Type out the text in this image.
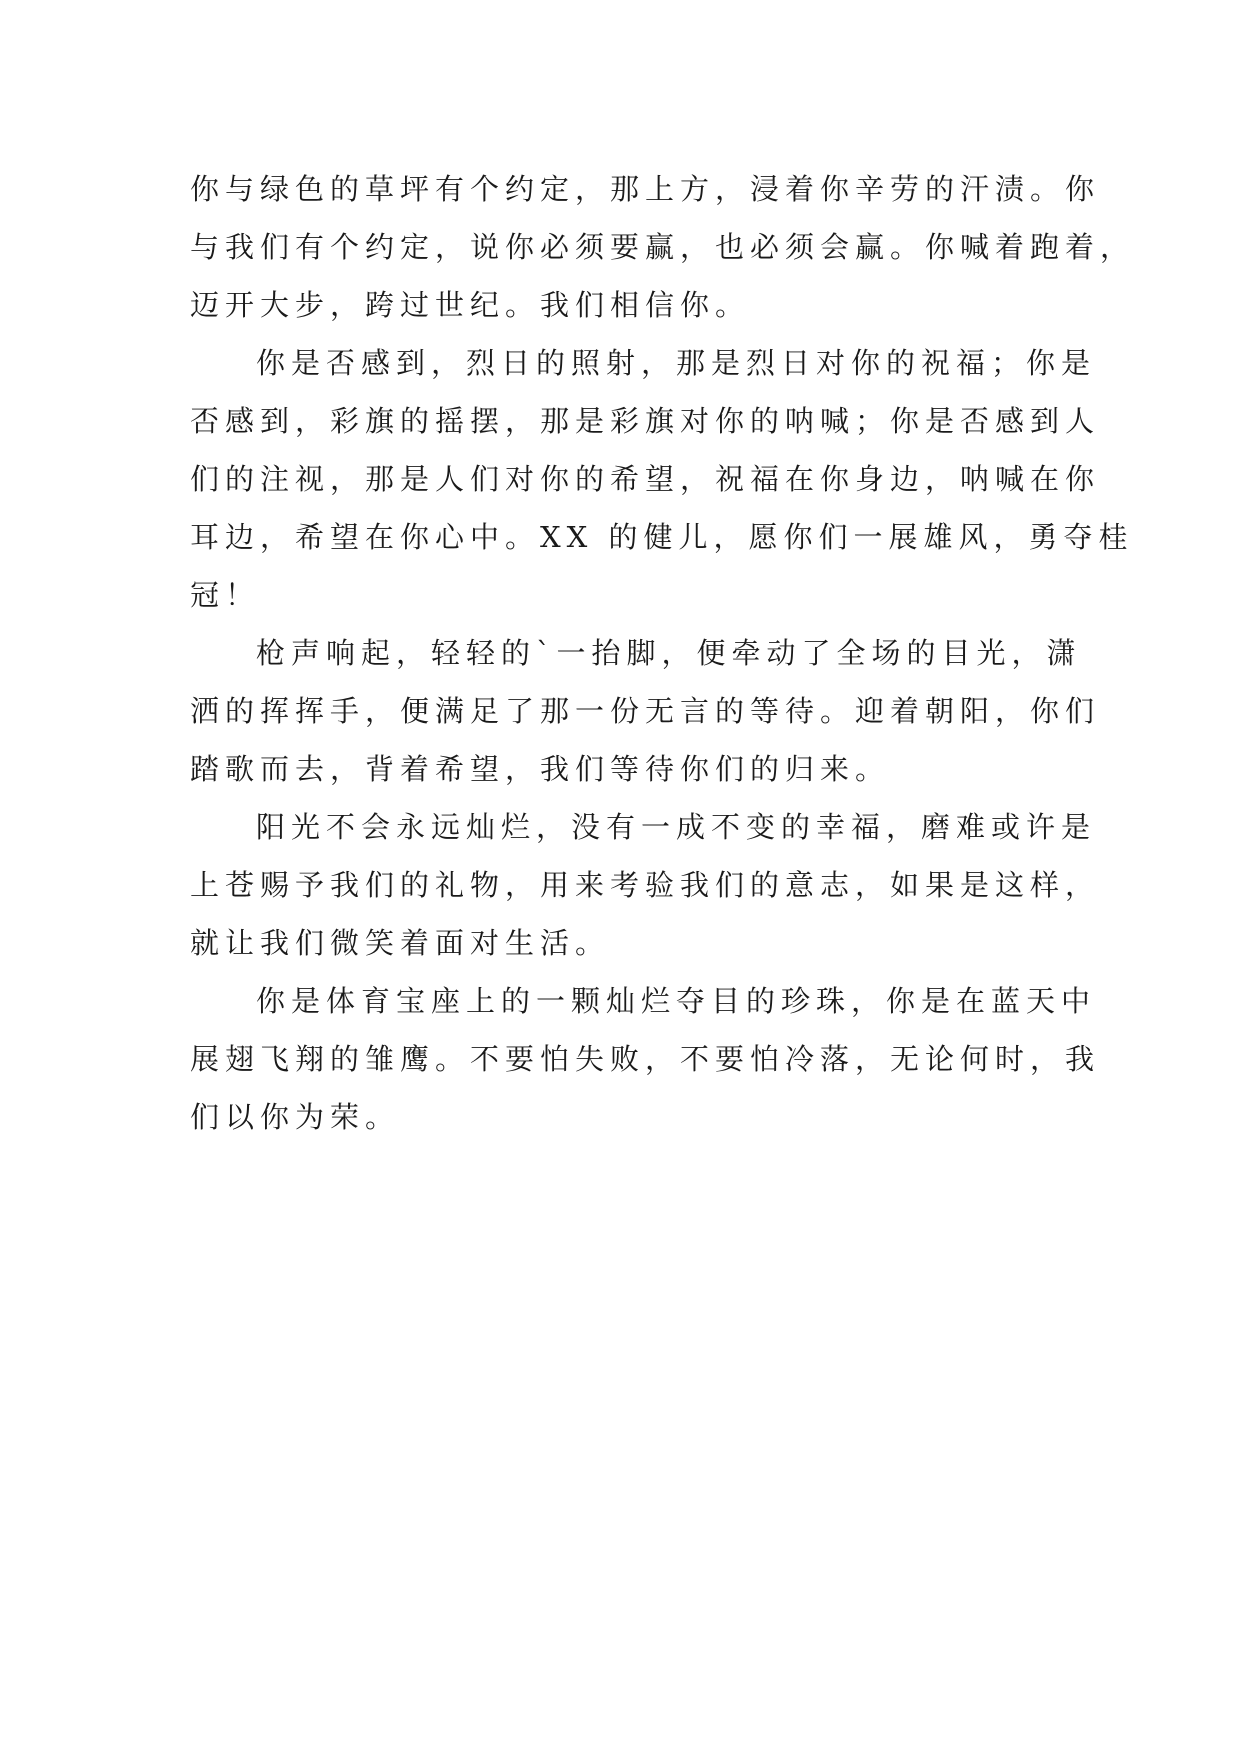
你与绿色的草坪有个约定，那上方，浸着你辛劳的汗渍。你
与我们有个约定，说你必须要赢，也必须会赢。你喊着跑着，
迈开大步，跨过世纪。我们相信你。
你是否感到，烈日的照射，那是烈日对你的祝福；你是
否感到，彩旗的摇摆，那是彩旗对你的呐喊；你是否感到人
们的注视，那是人们对你的希望，祝福在你身边，呐喊在你
耳边，希望在你心中。XX 的健儿，愿你们一展雄风，勇夺桂
冠！
枪声响起，轻轻的`一抬脚，便牵动了全场的目光，潇
洒的挥挥手，便满足了那一份无言的等待。迎着朝阳，你们
踏歌而去，背着希望，我们等待你们的归来。
阳光不会永远灿烂，没有一成不变的幸福，磨难或许是
上苍赐予我们的礼物，用来考验我们的意志，如果是这样，
就让我们微笑着面对生活。
你是体育宝座上的一颗灿烂夺目的珍珠，你是在蓝天中
展翅飞翔的雏鹰。不要怕失败，不要怕冷落，无论何时，我
们以你为荣。
